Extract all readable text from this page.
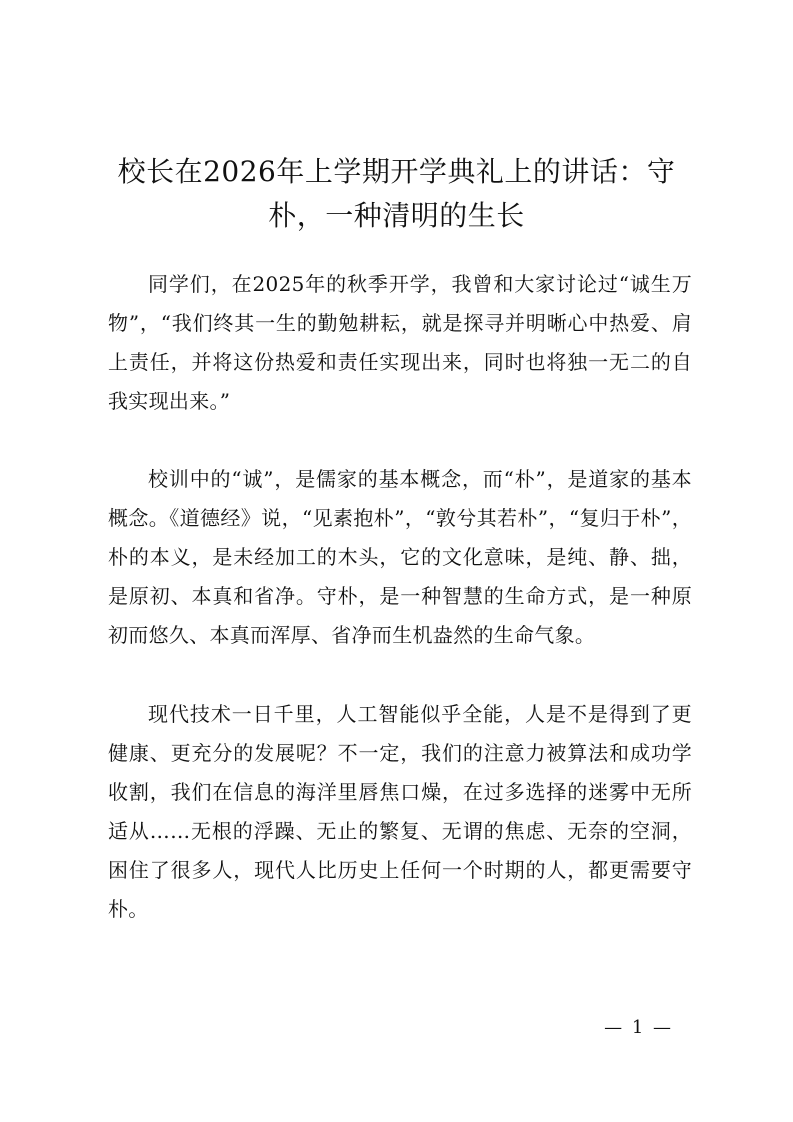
校长在2026年上学期开学典礼上的讲话：守朴，一种清明的生长

同学们，在2025年的秋季开学，我曾和大家讨论过“诚生万物”，“我们终其一生的勤勉耕耘，就是探寻并明晰心中热爱、肩上责任，并将这份热爱和责任实现出来，同时也将独一无二的自我实现出来。”

校训中的“诚”，是儒家的基本概念，而“朴”，是道家的基本概念。《道德经》说，“见素抱朴”，“敦兮其若朴”，“复归于朴”，朴的本义，是未经加工的木头，它的文化意味，是纯、静、拙，是原初、本真和省净。守朴，是一种智慧的生命方式，是一种原初而悠久、本真而浑厚、省净而生机盎然的生命气象。

现代技术一日千里，人工智能似乎全能，人是不是得到了更健康、更充分的发展呢？不一定，我们的注意力被算法和成功学收割，我们在信息的海洋里唇焦口燥，在过多选择的迷雾中无所适从……无根的浮躁、无止的繁复、无谓的焦虑、无奈的空洞，困住了很多人，现代人比历史上任何一个时期的人，都更需要守朴。

— 1 —
